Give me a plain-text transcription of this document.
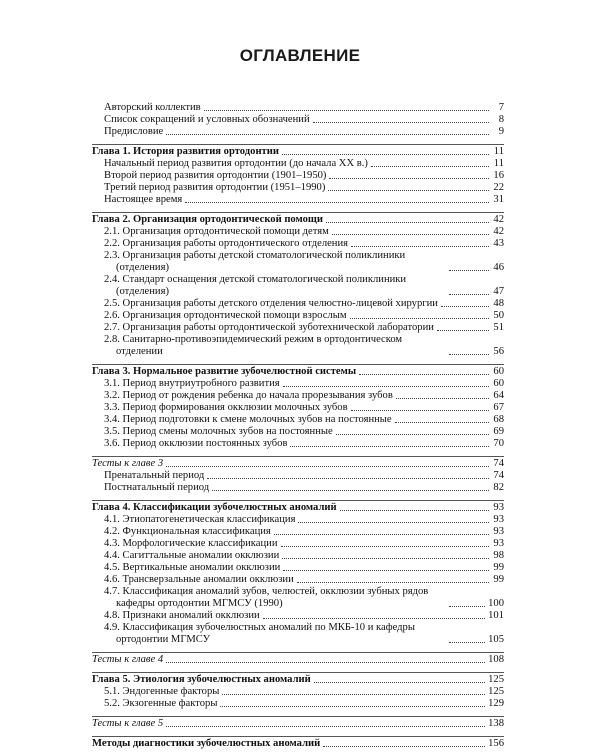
ОГЛАВЛЕНИЕ
Авторский коллектив	7
Список сокращений и условных обозначений	8
Предисловие	9
Глава 1. История развития ортодонтии	11
Начальный период развития ортодонтии (до начала XX в.)	11
Второй период развития ортодонтии (1901–1950)	16
Третий период развития ортодонтии (1951–1990)	22
Настоящее время	31
Глава 2. Организация ортодонтической помощи	42
2.1. Организация ортодонтической помощи детям	42
2.2. Организация работы ортодонтического отделения	43
2.3. Организация работы детской стоматологической поликлиники (отделения)	46
2.4. Стандарт оснащения детской стоматологической поликлиники (отделения)	47
2.5. Организация работы детского отделения челюстно-лицевой хирургии	48
2.6. Организация ортодонтической помощи взрослым	50
2.7. Организация работы ортодонтической зуботехнической лаборатории	51
2.8. Санитарно-противоэпидемический режим в ортодонтическом отделении	56
Глава 3. Нормальное развитие зубочелюстной системы	60
3.1. Период внутриутробного развития	60
3.2. Период от рождения ребенка до начала прорезывания зубов	64
3.3. Период формирования окклюзии молочных зубов	67
3.4. Период подготовки к смене молочных зубов на постоянные	68
3.5. Период смены молочных зубов на постоянные	69
3.6. Период окклюзии постоянных зубов	70
Тесты к главе 3	74
Пренатальный период	74
Постнатальный период	82
Глава 4. Классификации зубочелюстных аномалий	93
4.1. Этиопатогенетическая классификация	93
4.2. Функциональная классификация	93
4.3. Морфологические классификации	93
4.4. Сагиттальные аномалии окклюзии	98
4.5. Вертикальные аномалии окклюзии	99
4.6. Трансверзальные аномалии окклюзии	99
4.7. Классификация аномалий зубов, челюстей, окклюзии зубных рядов кафедры ортодонтии МГМСУ (1990)	100
4.8. Признаки аномалий окклюзии	101
4.9. Классификация зубочелюстных аномалий по МКБ-10 и кафедры ортодонтии МГМСУ	105
Тесты к главе 4	108
Глава 5. Этиология зубочелюстных аномалий	125
5.1. Эндогенные факторы	125
5.2. Экзогенные факторы	129
Тесты к главе 5	138
Методы диагностики зубочелюстных аномалий	156
